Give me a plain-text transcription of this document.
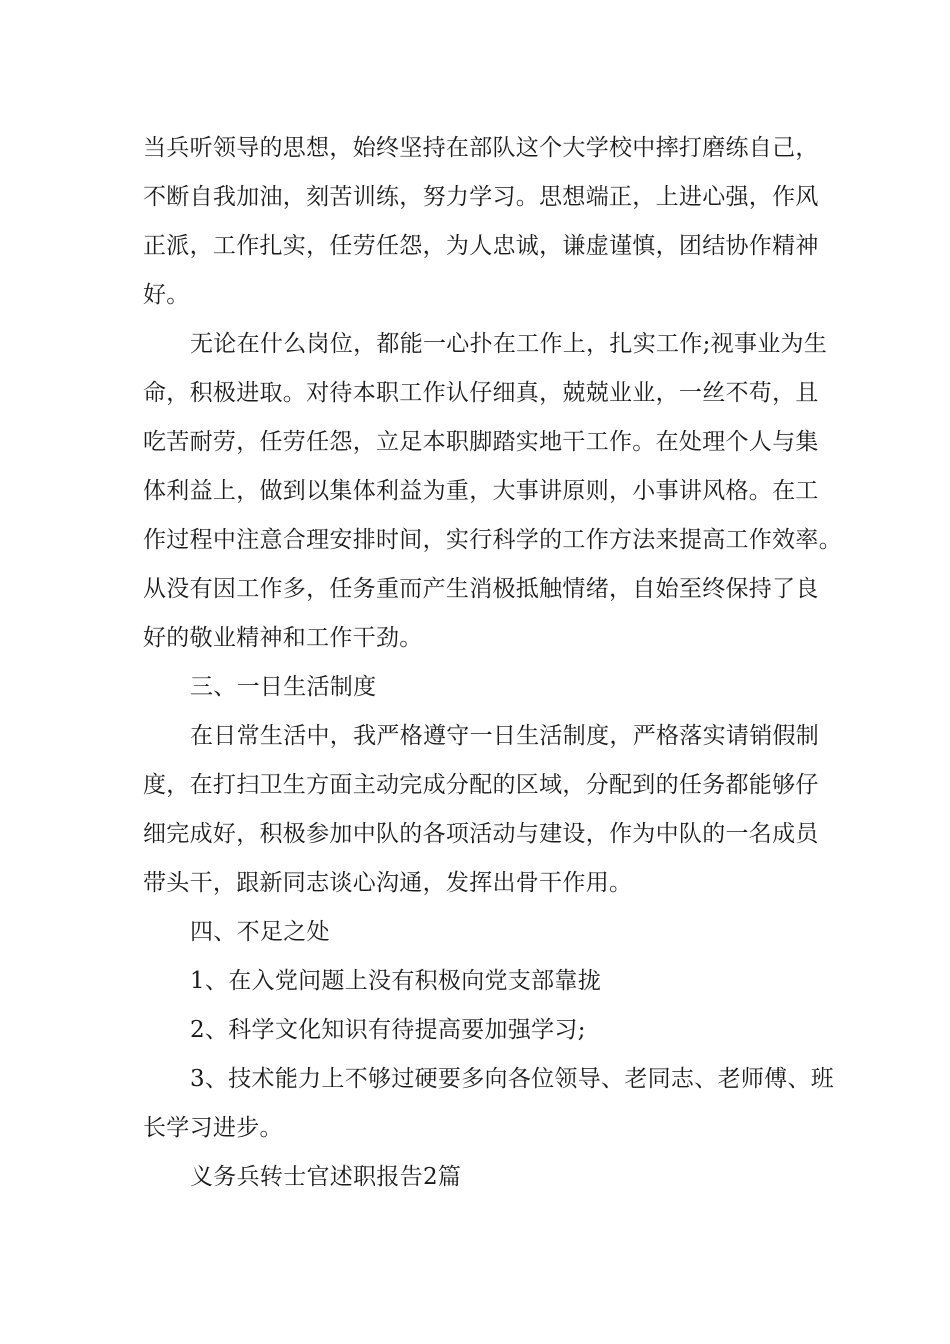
当兵听领导的思想，始终坚持在部队这个大学校中摔打磨练自己，
不断自我加油，刻苦训练，努力学习。思想端正，上进心强，作风
正派，工作扎实，任劳任怨，为人忠诚，谦虚谨慎，团结协作精神
好。
无论在什么岗位，都能一心扑在工作上，扎实工作;视事业为生
命，积极进取。对待本职工作认仔细真，兢兢业业，一丝不苟，且
吃苦耐劳，任劳任怨，立足本职脚踏实地干工作。在处理个人与集
体利益上，做到以集体利益为重，大事讲原则，小事讲风格。在工
作过程中注意合理安排时间，实行科学的工作方法来提高工作效率。
从没有因工作多，任务重而产生消极抵触情绪，自始至终保持了良
好的敬业精神和工作干劲。
三、一日生活制度
在日常生活中，我严格遵守一日生活制度，严格落实请销假制
度，在打扫卫生方面主动完成分配的区域，分配到的任务都能够仔
细完成好，积极参加中队的各项活动与建设，作为中队的一名成员
带头干，跟新同志谈心沟通，发挥出骨干作用。
四、不足之处
1、在入党问题上没有积极向党支部靠拢
2、科学文化知识有待提高要加强学习;
3、技术能力上不够过硬要多向各位领导、老同志、老师傅、班
长学习进步。
义务兵转士官述职报告2篇
